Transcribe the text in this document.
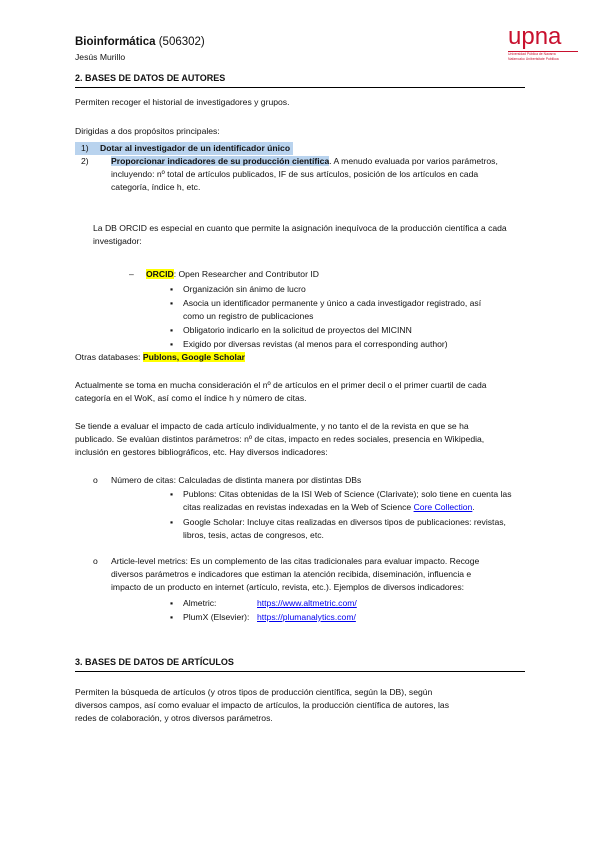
Bioinformática (506302)
Jesús Murillo
upna
Universidad Pública de Navarra
Nafarroako Unibertsitate Publikoa
2. BASES DE DATOS DE AUTORES
Permiten recoger el historial de investigadores y grupos.
Dirigidas a dos propósitos principales:
1) Dotar al investigador de un identificador único
2)	Proporcionar indicadores de su producción científica. A menudo evaluada por varios parámetros,
incluyendo: nº total de artículos publicados, IF de sus artículos, posición de los artículos en cada
categoría, índice h, etc.
La DB ORCID es especial en cuanto que permite la asignación inequívoca de la producción científica a cada
investigador:
– ORCID: Open Researcher and Contributor ID
▪ Organización sin ánimo de lucro
▪ Asocia un identificador permanente y único a cada investigador registrado, así
como un registro de publicaciones
▪ Obligatorio indicarlo en la solicitud de proyectos del MICINN
▪ Exigido por diversas revistas (al menos para el corresponding author)
Otras databases: Publons, Google Scholar
Actualmente se toma en mucha consideración el nº de artículos en el primer decil o el primer cuartil de cada
categoría en el WoK, así como el índice h y número de citas.
Se tiende a evaluar el impacto de cada artículo individualmente, y no tanto el de la revista en que se ha
publicado. Se evalúan distintos parámetros: nº de citas, impacto en redes sociales, presencia en Wikipedia,
inclusión en gestores bibliográficos, etc. Hay diversos indicadores:
o Número de citas: Calculadas de distinta manera por distintas DBs
▪ Publons: Citas obtenidas de la ISI Web of Science (Clarivate); solo tiene en cuenta las
citas realizadas en revistas indexadas en la Web of Science Core Collection.
▪ Google Scholar: Incluye citas realizadas en diversos tipos de publicaciones: revistas,
libros, tesis, actas de congresos, etc.
o Article-level metrics: Es un complemento de las citas tradicionales para evaluar impacto. Recoge
diversos parámetros e indicadores que estiman la atención recibida, diseminación, influencia e
impacto de un producto en internet (artículo, revista, etc.). Ejemplos de diversos indicadores:
▪ Almetric:	https://www.altmetric.com/
▪ PlumX (Elsevier): https://plumanalytics.com/
3. BASES DE DATOS DE ARTÍCULOS
Permiten la búsqueda de artículos (y otros tipos de producción científica, según la DB), según
diversos campos, así como evaluar el impacto de artículos, la producción científica de autores, las
redes de colaboración, y otros diversos parámetros.
